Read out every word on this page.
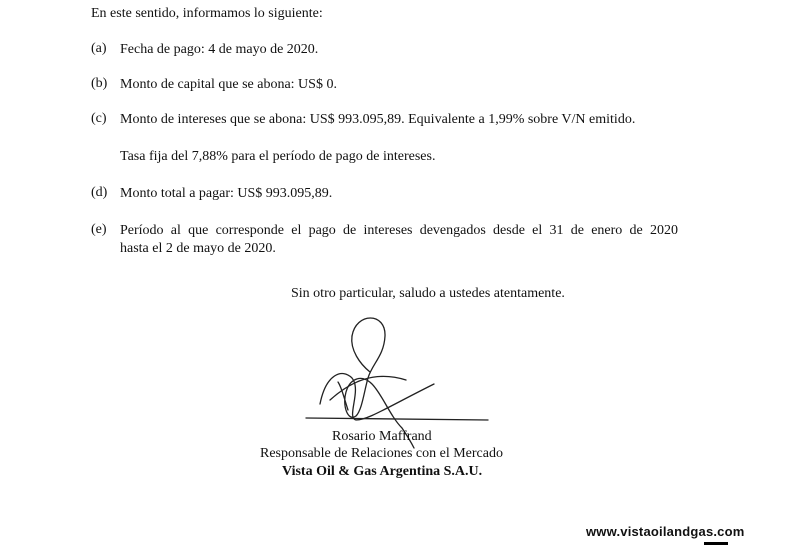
En este sentido, informamos lo siguiente:
(a) Fecha de pago: 4 de mayo de 2020.
(b) Monto de capital que se abona: US$ 0.
(c) Monto de intereses que se abona: US$ 993.095,89. Equivalente a 1,99% sobre V/N emitido.
Tasa fija del 7,88% para el período de pago de intereses.
(d) Monto total a pagar: US$ 993.095,89.
(e) Período al que corresponde el pago de intereses devengados desde el 31 de enero de 2020
hasta el 2 de mayo de 2020.
Sin otro particular, saludo a ustedes atentamente.
Rosario Maffrand
Responsable de Relaciones con el Mercado
Vista Oil & Gas Argentina S.A.U.
www.vistaoilandgas.com
